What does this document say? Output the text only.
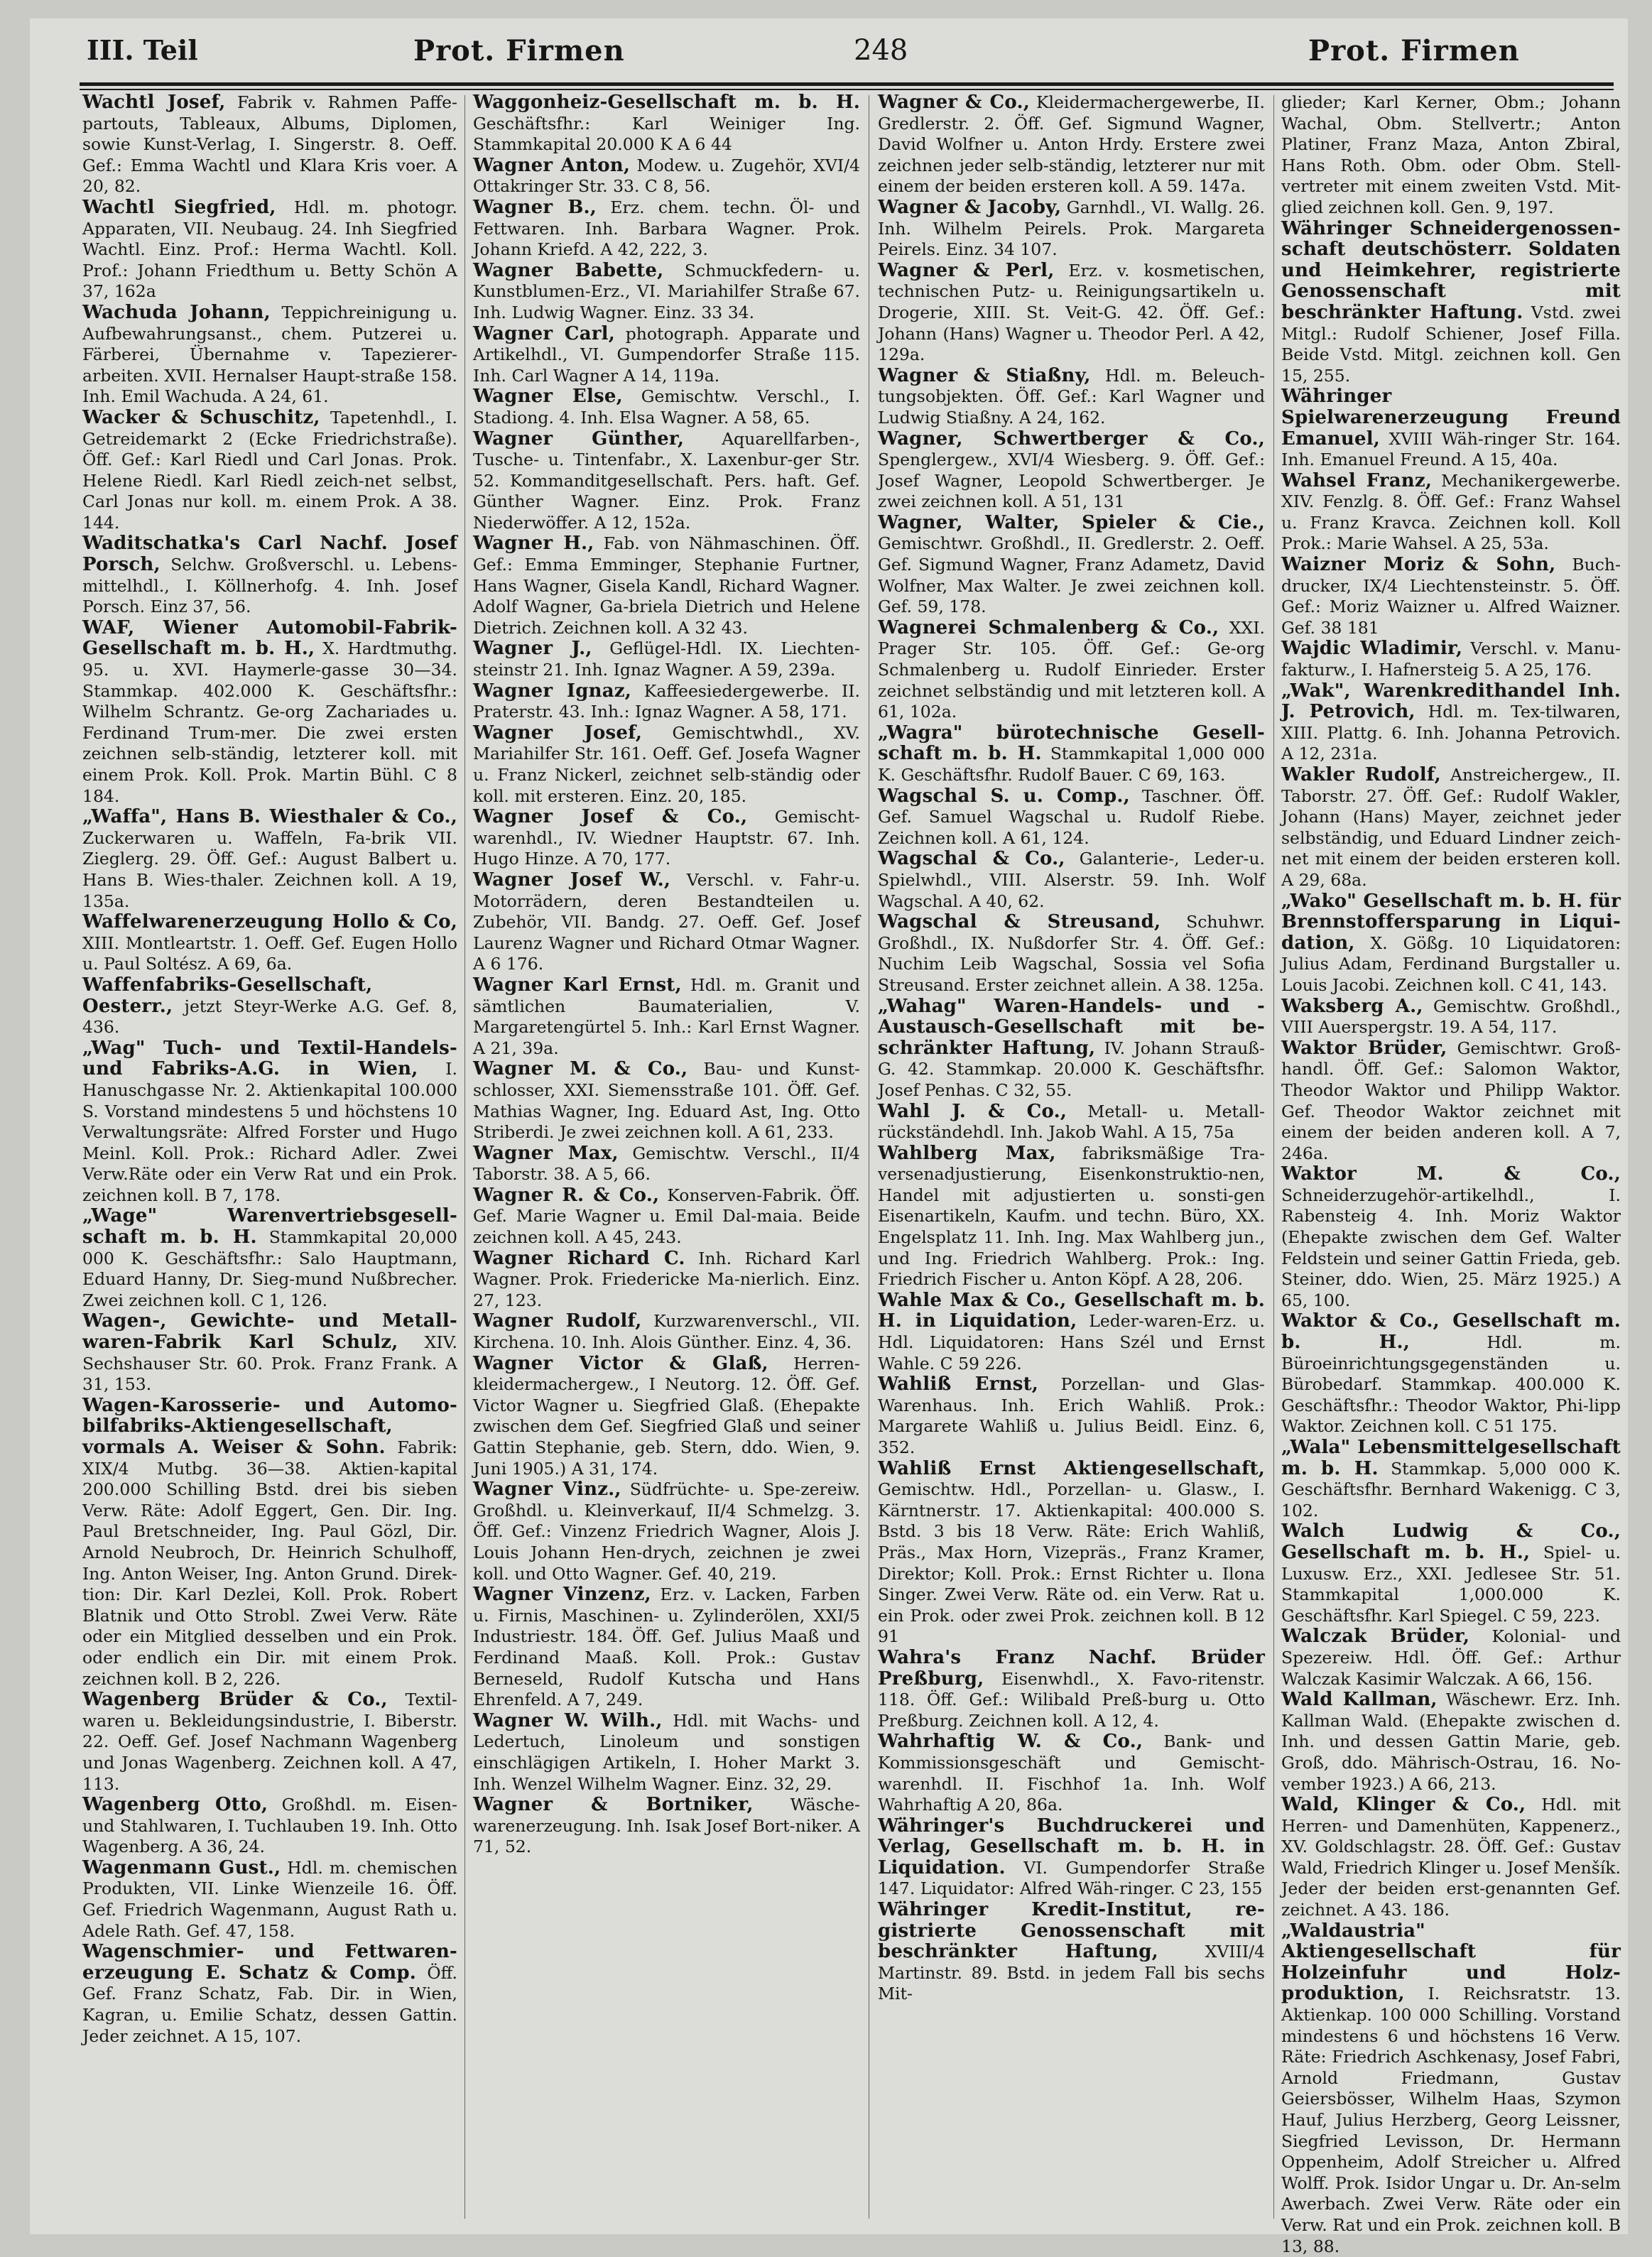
III. Teil	Prot. Firmen	248	Prot. Firmen

Wachtl Josef, Fabrik v. Rahmen Paffe-partouts, Tableaux, Albums, Diplomen, sowie Kunst-Verlag, I. Singerstr. 8. Oeff. Gef.: Emma Wachtl und Klara Kris voer. A 20, 82.

Wachtl Siegfried, Hdl. m. photogr. Apparaten, VII. Neubaug. 24. Inh Siegfried Wachtl. Einz. Prof.: Herma Wachtl. Koll. Prof.: Johann Friedthum u. Betty Schön A 37, 162a

Wachuda Johann, Teppichreinigung u. Aufbewahrungsanst., chem. Putzerei u. Färberei, Übernahme v. Tapezierer-arbeiten. XVII. Hernalser Haupt-straße 158. Inh. Emil Wachuda. A 24, 61.

Wacker & Schuschitz, Tapetenhdl., I. Getreidemarkt 2 (Ecke Friedrichstraße). Öff. Gef.: Karl Riedl und Carl Jonas. Prok. Helene Riedl. Karl Riedl zeich-net selbst, Carl Jonas nur koll. m. einem Prok. A 38. 144.

Waditschatka's Carl Nachf. Josef Porsch, Selchw. Großverschl. u. Lebens-mittelhdl., I. Köllnerhofg. 4. Inh. Josef Porsch. Einz 37, 56.

WAF, Wiener Automobil-Fabrik-Gesellschaft m. b. H., X. Hardtmuthg. 95. u. XVI. Haymerle-gasse 30—34. Stammkap. 402.000 K. Geschäftsfhr.: Wilhelm Schrantz. Ge-org Zachariades u. Ferdinand Trum-mer. Die zwei ersten zeichnen selb-ständig, letzterer koll. mit einem Prok. Koll. Prok. Martin Bühl. C 8 184.

„Waffa", Hans B. Wiesthaler & Co., Zuckerwaren u. Waffeln, Fa-brik VII. Zieglerg. 29. Öff. Gef.: August Balbert u. Hans B. Wies-thaler. Zeichnen koll. A 19, 135a.

Waffelwarenerzeugung Hollo & Co, XIII. Montleartstr. 1. Oeff. Gef. Eugen Hollo u. Paul Soltész. A 69, 6a.

Waffenfabriks-Gesellschaft, Oesterr., jetzt Steyr-Werke A.G. Gef. 8, 436.

„Wag" Tuch- und Textil-Handels- und Fabriks-A.G. in Wien, I. Hanuschgasse Nr. 2. Aktienkapital 100.000 S. Vorstand mindestens 5 und höchstens 10 Verwaltungsräte: Alfred Forster und Hugo Meinl. Koll. Prok.: Richard Adler. Zwei Verw.Räte oder ein Verw Rat und ein Prok. zeichnen koll. B 7, 178.

„Wage" Warenvertriebsgesell-schaft m. b. H. Stammkapital 20,000 000 K. Geschäftsfhr.: Salo Hauptmann, Eduard Hanny, Dr. Sieg-mund Nußbrecher. Zwei zeichnen koll. C 1, 126.

Wagen-, Gewichte- und Metall-waren-Fabrik Karl Schulz, XIV. Sechshauser Str. 60. Prok. Franz Frank. A 31, 153.

Wagen-Karosserie- und Automo-bilfabriks-Aktiengesellschaft, vormals A. Weiser & Sohn. Fabrik: XIX/4 Mutbg. 36—38. Aktien-kapital 200.000 Schilling Bstd. drei bis sieben Verw. Räte: Adolf Eggert, Gen. Dir. Ing. Paul Bretschneider, Ing. Paul Gözl, Dir. Arnold Neubroch, Dr. Heinrich Schulhoff, Ing. Anton Weiser, Ing. Anton Grund. Direk-tion: Dir. Karl Dezlei, Koll. Prok. Robert Blatnik und Otto Strobl. Zwei Verw. Räte oder ein Mitglied desselben und ein Prok. oder endlich ein Dir. mit einem Prok. zeichnen koll. B 2, 226.

Wagenberg Brüder & Co., Textil-waren u. Bekleidungsindustrie, I. Biberstr. 22. Oeff. Gef. Josef Nachmann Wagenberg und Jonas Wagenberg. Zeichnen koll. A 47, 113.

Wagenberg Otto, Großhdl. m. Eisen- und Stahlwaren, I. Tuchlauben 19. Inh. Otto Wagenberg. A 36, 24.

Wagenmann Gust., Hdl. m. chemischen Produkten, VII. Linke Wienzeile 16. Öff. Gef. Friedrich Wagenmann, August Rath u. Adele Rath. Gef. 47, 158.

Wagenschmier- und Fettwaren-erzeugung E. Schatz & Comp. Öff. Gef. Franz Schatz, Fab. Dir. in Wien, Kagran, u. Emilie Schatz, dessen Gattin. Jeder zeichnet. A 15, 107.

Waggonheiz-Gesellschaft m. b. H. Geschäftsfhr.: Karl Weiniger Ing. Stammkapital 20.000 K A 6 44

Wagner Anton, Modew. u. Zugehör, XVI/4 Ottakringer Str. 33. C 8, 56.

Wagner B., Erz. chem. techn. Öl- und Fettwaren. Inh. Barbara Wagner. Prok. Johann Kriefd. A 42, 222, 3.

Wagner Babette, Schmuckfedern- u. Kunstblumen-Erz., VI. Mariahilfer Straße 67. Inh. Ludwig Wagner. Einz. 33 34.

Wagner Carl, photograph. Apparate und Artikelhdl., VI. Gumpendorfer Straße 115. Inh. Carl Wagner A 14, 119a.

Wagner Else, Gemischtw. Verschl., I. Stadiong. 4. Inh. Elsa Wagner. A 58, 65.

Wagner Günther, Aquarellfarben-, Tusche- u. Tintenfabr., X. Laxenbur-ger Str. 52. Kommanditgesellschaft. Pers. haft. Gef. Günther Wagner. Einz. Prok. Franz Niederwöffer. A 12, 152a.

Wagner H., Fab. von Nähmaschinen. Öff. Gef.: Emma Emminger, Stephanie Furtner, Hans Wagner, Gisela Kandl, Richard Wagner. Adolf Wagner, Ga-briela Dietrich und Helene Dietrich. Zeichnen koll. A 32 43.

Wagner J., Geflügel-Hdl. IX. Liechten-steinstr 21. Inh. Ignaz Wagner. A 59, 239a.

Wagner Ignaz, Kaffeesiedergewerbe. II. Praterstr. 43. Inh.: Ignaz Wagner. A 58, 171.

Wagner Josef, Gemischtwhdl., XV. Mariahilfer Str. 161. Oeff. Gef. Josefa Wagner u. Franz Nickerl, zeichnet selb-ständig oder koll. mit ersteren. Einz. 20, 185.

Wagner Josef & Co., Gemischt-warenhdl., IV. Wiedner Hauptstr. 67. Inh. Hugo Hinze. A 70, 177.

Wagner Josef W., Verschl. v. Fahr-u. Motorrädern, deren Bestandteilen u. Zubehör, VII. Bandg. 27. Oeff. Gef. Josef Laurenz Wagner und Richard Otmar Wagner. A 6 176.

Wagner Karl Ernst, Hdl. m. Granit und sämtlichen Baumaterialien, V. Margaretengürtel 5. Inh.: Karl Ernst Wagner. A 21, 39a.

Wagner M. & Co., Bau- und Kunst-schlosser, XXI. Siemensstraße 101. Öff. Gef. Mathias Wagner, Ing. Eduard Ast, Ing. Otto Striberdi. Je zwei zeichnen koll. A 61, 233.

Wagner Max, Gemischtw. Verschl., II/4 Taborstr. 38. A 5, 66.

Wagner R. & Co., Konserven-Fabrik. Öff. Gef. Marie Wagner u. Emil Dal-maia. Beide zeichnen koll. A 45, 243.

Wagner Richard C. Inh. Richard Karl Wagner. Prok. Friedericke Ma-nierlich. Einz. 27, 123.

Wagner Rudolf, Kurzwarenverschl., VII. Kirchena. 10. Inh. Alois Günther. Einz. 4, 36.

Wagner Victor & Glaß, Herren-kleidermachergew., I Neutorg. 12. Öff. Gef. Victor Wagner u. Siegfried Glaß. (Ehepakte zwischen dem Gef. Siegfried Glaß und seiner Gattin Stephanie, geb. Stern, ddo. Wien, 9. Juni 1905.) A 31, 174.

Wagner Vinz., Südfrüchte- u. Spe-zereiw. Großhdl. u. Kleinverkauf, II/4 Schmelzg. 3. Öff. Gef.: Vinzenz Friedrich Wagner, Alois J. Louis Johann Hen-drych, zeichnen je zwei koll. und Otto Wagner. Gef. 40, 219.

Wagner Vinzenz, Erz. v. Lacken, Farben u. Firnis, Maschinen- u. Zylinderölen, XXI/5 Industriestr. 184. Öff. Gef. Julius Maaß und Ferdinand Maaß. Koll. Prok.: Gustav Berneseld, Rudolf Kutscha und Hans Ehrenfeld. A 7, 249.

Wagner W. Wilh., Hdl. mit Wachs- und Ledertuch, Linoleum und sonstigen einschlägigen Artikeln, I. Hoher Markt 3. Inh. Wenzel Wilhelm Wagner. Einz. 32, 29.

Wagner & Bortniker, Wäsche-warenerzeugung. Inh. Isak Josef Bort-niker. A 71, 52.

Wagner & Co., Kleidermachergewerbe, II. Gredlerstr. 2. Öff. Gef. Sigmund Wagner, David Wolfner u. Anton Hrdy. Erstere zwei zeichnen jeder selb-ständig, letzterer nur mit einem der beiden ersteren koll. A 59. 147a.

Wagner & Jacoby, Garnhdl., VI. Wallg. 26. Inh. Wilhelm Peirels. Prok. Margareta Peirels. Einz. 34 107.

Wagner & Perl, Erz. v. kosmetischen, technischen Putz- u. Reinigungsartikeln u. Drogerie, XIII. St. Veit-G. 42. Öff. Gef.: Johann (Hans) Wagner u. Theodor Perl. A 42, 129a.

Wagner & Stiaßny, Hdl. m. Beleuch-tungsobjekten. Öff. Gef.: Karl Wagner und Ludwig Stiaßny. A 24, 162.

Wagner, Schwertberger & Co., Spenglergew., XVI/4 Wiesberg. 9. Öff. Gef.: Josef Wagner, Leopold Schwertberger. Je zwei zeichnen koll. A 51, 131

Wagner, Walter, Spieler & Cie., Gemischtwr. Großhdl., II. Gredlerstr. 2. Oeff. Gef. Sigmund Wagner, Franz Adametz, David Wolfner, Max Walter. Je zwei zeichnen koll. Gef. 59, 178.

Wagnerei Schmalenberg & Co., XXI. Prager Str. 105. Öff. Gef.: Ge-org Schmalenberg u. Rudolf Einrieder. Erster zeichnet selbständig und mit letzteren koll. A 61, 102a.

„Wagra" bürotechnische Gesell-schaft m. b. H. Stammkapital 1,000 000 K. Geschäftsfhr. Rudolf Bauer. C 69, 163.

Wagschal S. u. Comp., Taschner. Öff. Gef. Samuel Wagschal u. Rudolf Riebe. Zeichnen koll. A 61, 124.

Wagschal & Co., Galanterie-, Leder-u. Spielwhdl., VIII. Alserstr. 59. Inh. Wolf Wagschal. A 40, 62.

Wagschal & Streusand, Schuhwr. Großhdl., IX. Nußdorfer Str. 4. Öff. Gef.: Nuchim Leib Wagschal, Sossia vel Sofia Streusand. Erster zeichnet allein. A 38. 125a.

„Wahag" Waren-Handels- und -Austausch-Gesellschaft mit be-schränkter Haftung, IV. Johann Strauß-G. 42. Stammkap. 20.000 K. Geschäftsfhr. Josef Penhas. C 32, 55.

Wahl J. & Co., Metall- u. Metall-rückständehdl. Inh. Jakob Wahl. A 15, 75a

Wahlberg Max, fabriksmäßige Tra-versenadjustierung, Eisenkonstruktio-nen, Handel mit adjustierten u. sonsti-gen Eisenartikeln, Kaufm. und techn. Büro, XX. Engelsplatz 11. Inh. Ing. Max Wahlberg jun., und Ing. Friedrich Wahlberg. Prok.: Ing. Friedrich Fischer u. Anton Köpf. A 28, 206.

Wahle Max & Co., Gesellschaft m. b. H. in Liquidation, Leder-waren-Erz. u. Hdl. Liquidatoren: Hans Szél und Ernst Wahle. C 59 226.

Wahliß Ernst, Porzellan- und Glas-Warenhaus. Inh. Erich Wahliß. Prok.: Margarete Wahliß u. Julius Beidl. Einz. 6, 352.

Wahliß Ernst Aktiengesellschaft, Gemischtw. Hdl., Porzellan- u. Glasw., I. Kärntnerstr. 17. Aktienkapital: 400.000 S. Bstd. 3 bis 18 Verw. Räte: Erich Wahliß, Präs., Max Horn, Vizepräs., Franz Kramer, Direktor; Koll. Prok.: Ernst Richter u. Ilona Singer. Zwei Verw. Räte od. ein Verw. Rat u. ein Prok. oder zwei Prok. zeichnen koll. B 12 91

Wahra's Franz Nachf. Brüder Preßburg, Eisenwhdl., X. Favo-ritenstr. 118. Öff. Gef.: Wilibald Preß-burg u. Otto Preßburg. Zeichnen koll. A 12, 4.

Wahrhaftig W. & Co., Bank- und Kommissionsgeschäft und Gemischt-warenhdl. II. Fischhof 1a. Inh. Wolf Wahrhaftig A 20, 86a.

Währinger's Buchdruckerei und Verlag, Gesellschaft m. b. H. in Liquidation. VI. Gumpendorfer Straße 147. Liquidator: Alfred Wäh-ringer. C 23, 155

Währinger Kredit-Institut, re-gistrierte Genossenschaft mit beschränkter Haftung,	XVIII/4 Martinstr. 89. Bstd. in jedem Fall bis sechs Mit-

glieder; Karl Kerner, Obm.; Johann Wachal, Obm. Stellvertr.; Anton Platiner, Franz Maza, Anton Zbiral, Hans Roth. Obm. oder Obm. Stell-vertreter mit einem zweiten Vstd. Mit-glied zeichnen koll. Gen. 9, 197.

Währinger Schneidergenossen-schaft deutschösterr. Soldaten und Heimkehrer, registrierte Genossenschaft mit beschränkter Haftung. Vstd. zwei Mitgl.: Rudolf Schiener, Josef Filla. Beide Vstd. Mitgl. zeichnen koll. Gen 15, 255.

Währinger Spielwarenerzeugung Freund Emanuel, XVIII Wäh-ringer Str. 164. Inh. Emanuel Freund. A 15, 40a.

Wahsel Franz, Mechanikergewerbe. XIV. Fenzlg. 8. Öff. Gef.: Franz Wahsel u. Franz Kravca. Zeichnen koll. Koll Prok.: Marie Wahsel. A 25, 53a.

Waizner Moriz & Sohn, Buch-drucker, IX/4 Liechtensteinstr. 5. Öff. Gef.: Moriz Waizner u. Alfred Waizner. Gef. 38 181

Wajdic Wladimir, Verschl. v. Manu-fakturw., I. Hafnersteig 5. A 25, 176.

„Wak", Warenkredithandel Inh. J. Petrovich, Hdl. m. Tex-tilwaren, XIII. Plattg. 6. Inh. Johanna Petrovich. A 12, 231a.

Wakler Rudolf, Anstreichergew., II. Taborstr. 27. Öff. Gef.: Rudolf Wakler, Johann (Hans) Mayer, zeichnet jeder selbständig, und Eduard Lindner zeich-net mit einem der beiden ersteren koll. A 29, 68a.

„Wako" Gesellschaft m. b. H. für Brennstoffersparung in Liqui-dation, X. Gößg. 10 Liquidatoren: Julius Adam, Ferdinand Burgstaller u. Louis Jacobi. Zeichnen koll. C 41, 143.

Waksberg A., Gemischtw. Großhdl., VIII Auerspergstr. 19. A 54, 117.

Waktor Brüder, Gemischtwr. Groß-handl. Öff. Gef.: Salomon Waktor, Theodor Waktor und Philipp Waktor. Gef. Theodor Waktor zeichnet mit einem der beiden anderen koll. A 7, 246a.

Waktor M. & Co., Schneiderzugehör-artikelhdl., I. Rabensteig 4. Inh. Moriz Waktor (Ehepakte zwischen dem Gef. Walter Feldstein und seiner Gattin Frieda, geb. Steiner, ddo. Wien, 25. März 1925.) A 65, 100.

Waktor & Co., Gesellschaft m. b. H.,	Hdl. m. Büroeinrichtungsgegenständen u. Bürobedarf. Stammkap. 400.000 K. Geschäftsfhr.: Theodor Waktor, Phi-lipp Waktor. Zeichnen koll. C 51 175.

„Wala" Lebensmittelgesellschaft m. b. H. Stammkap. 5,000 000 K. Geschäftsfhr. Bernhard Wakenigg. C 3, 102.

Walch Ludwig & Co., Gesellschaft m. b. H., Spiel- u. Luxusw. Erz., XXI. Jedlesee Str. 51. Stammkapital 1,000.000 K. Geschäftsfhr. Karl Spiegel. C 59, 223.

Walczak Brüder, Kolonial- und Spezereiw. Hdl. Öff. Gef.: Arthur Walczak Kasimir Walczak. A 66, 156.

Wald Kallman, Wäschewr. Erz. Inh. Kallman Wald. (Ehepakte zwischen d. Inh. und dessen Gattin Marie, geb. Groß, ddo. Mährisch-Ostrau, 16. No-vember 1923.) A 66, 213.

Wald, Klinger & Co., Hdl. mit Herren- und Damenhüten, Kappenerz., XV. Goldschlagstr. 28. Öff. Gef.: Gustav Wald, Friedrich Klinger u. Josef Menšík. Jeder der beiden erst-genannten Gef. zeichnet. A 43. 186.

„Waldaustria" Aktiengesellschaft für Holzeinfuhr und Holz-produktion, I. Reichsratstr. 13. Aktienkap. 100 000 Schilling. Vorstand mindestens 6 und höchstens 16 Verw. Räte: Friedrich Aschkenasy, Josef Fabri, Arnold Friedmann, Gustav Geiersbösser, Wilhelm Haas, Szymon Hauf, Julius Herzberg, Georg Leissner, Siegfried Levisson, Dr. Hermann Oppenheim, Adolf Streicher u. Alfred Wolff. Prok. Isidor Ungar u. Dr. An-selm Awerbach. Zwei Verw. Räte oder ein Verw. Rat und ein Prok. zeichnen koll. B 13, 88.
